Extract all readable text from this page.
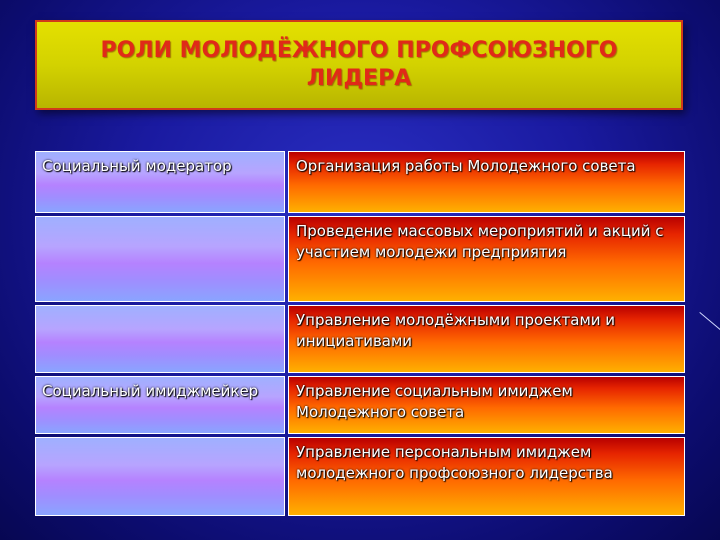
РОЛИ МОЛОДЁЖНОГО ПРОФСОЮЗНОГО
ЛИДЕРА
Социальный модератор	Организация работы Молодежного совета
Проведение массовых мероприятий и акций с участием молодежи предприятия
Управление молодёжными проектами и инициативами
Социальный имиджмейкер	Управление социальным имиджем Молодежного совета
Управление персональным имиджем молодежного профсоюзного лидерства
